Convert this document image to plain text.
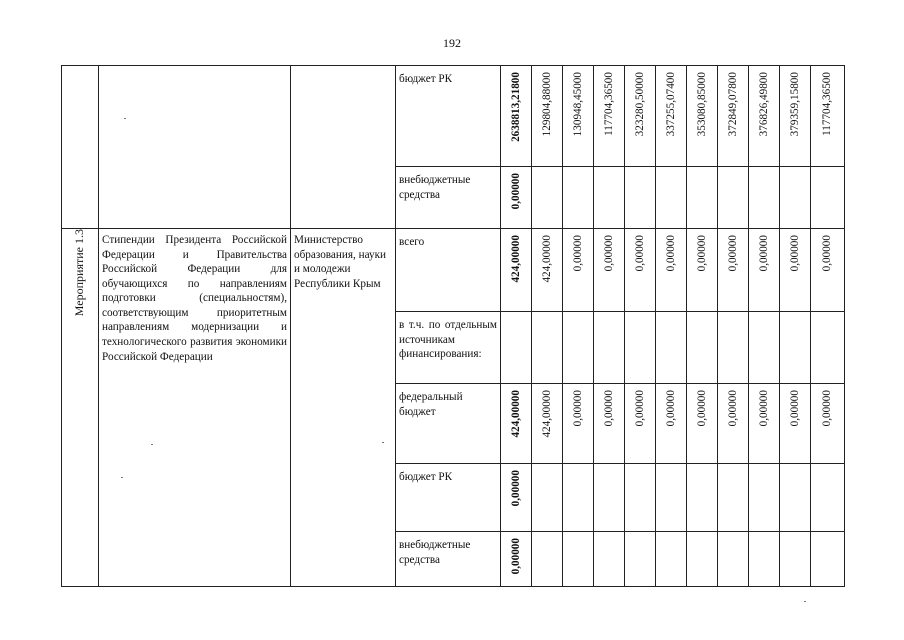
192

			бюджет РК	2638813,21800	129804,88000	130948,45000	117704,36500	323280,50000	337255,07400	353080,85000	372849,07800	376826,49800	379359,15800	117704,36500

			внебюджетные средства	0,00000										

Мероприятие 1.3	Стипендии Президента Российской Федерации и Правительства Российской Федерации для обучающихся по направлениям подготовки (специальностям), соответствующим приоритетным направлениям модернизации и технологического развития экономики Российской Федерации	Министерство образования, науки и молодежи Республики Крым	всего	424,00000	424,00000	0,00000	0,00000	0,00000	0,00000	0,00000	0,00000	0,00000	0,00000	0,00000

			в т.ч. по отдельным источникам финансирования:											

			федеральный бюджет	424,00000	424,00000	0,00000	0,00000	0,00000	0,00000	0,00000	0,00000	0,00000	0,00000	0,00000

			бюджет РК	0,00000										

			внебюджетные средства	0,00000										
